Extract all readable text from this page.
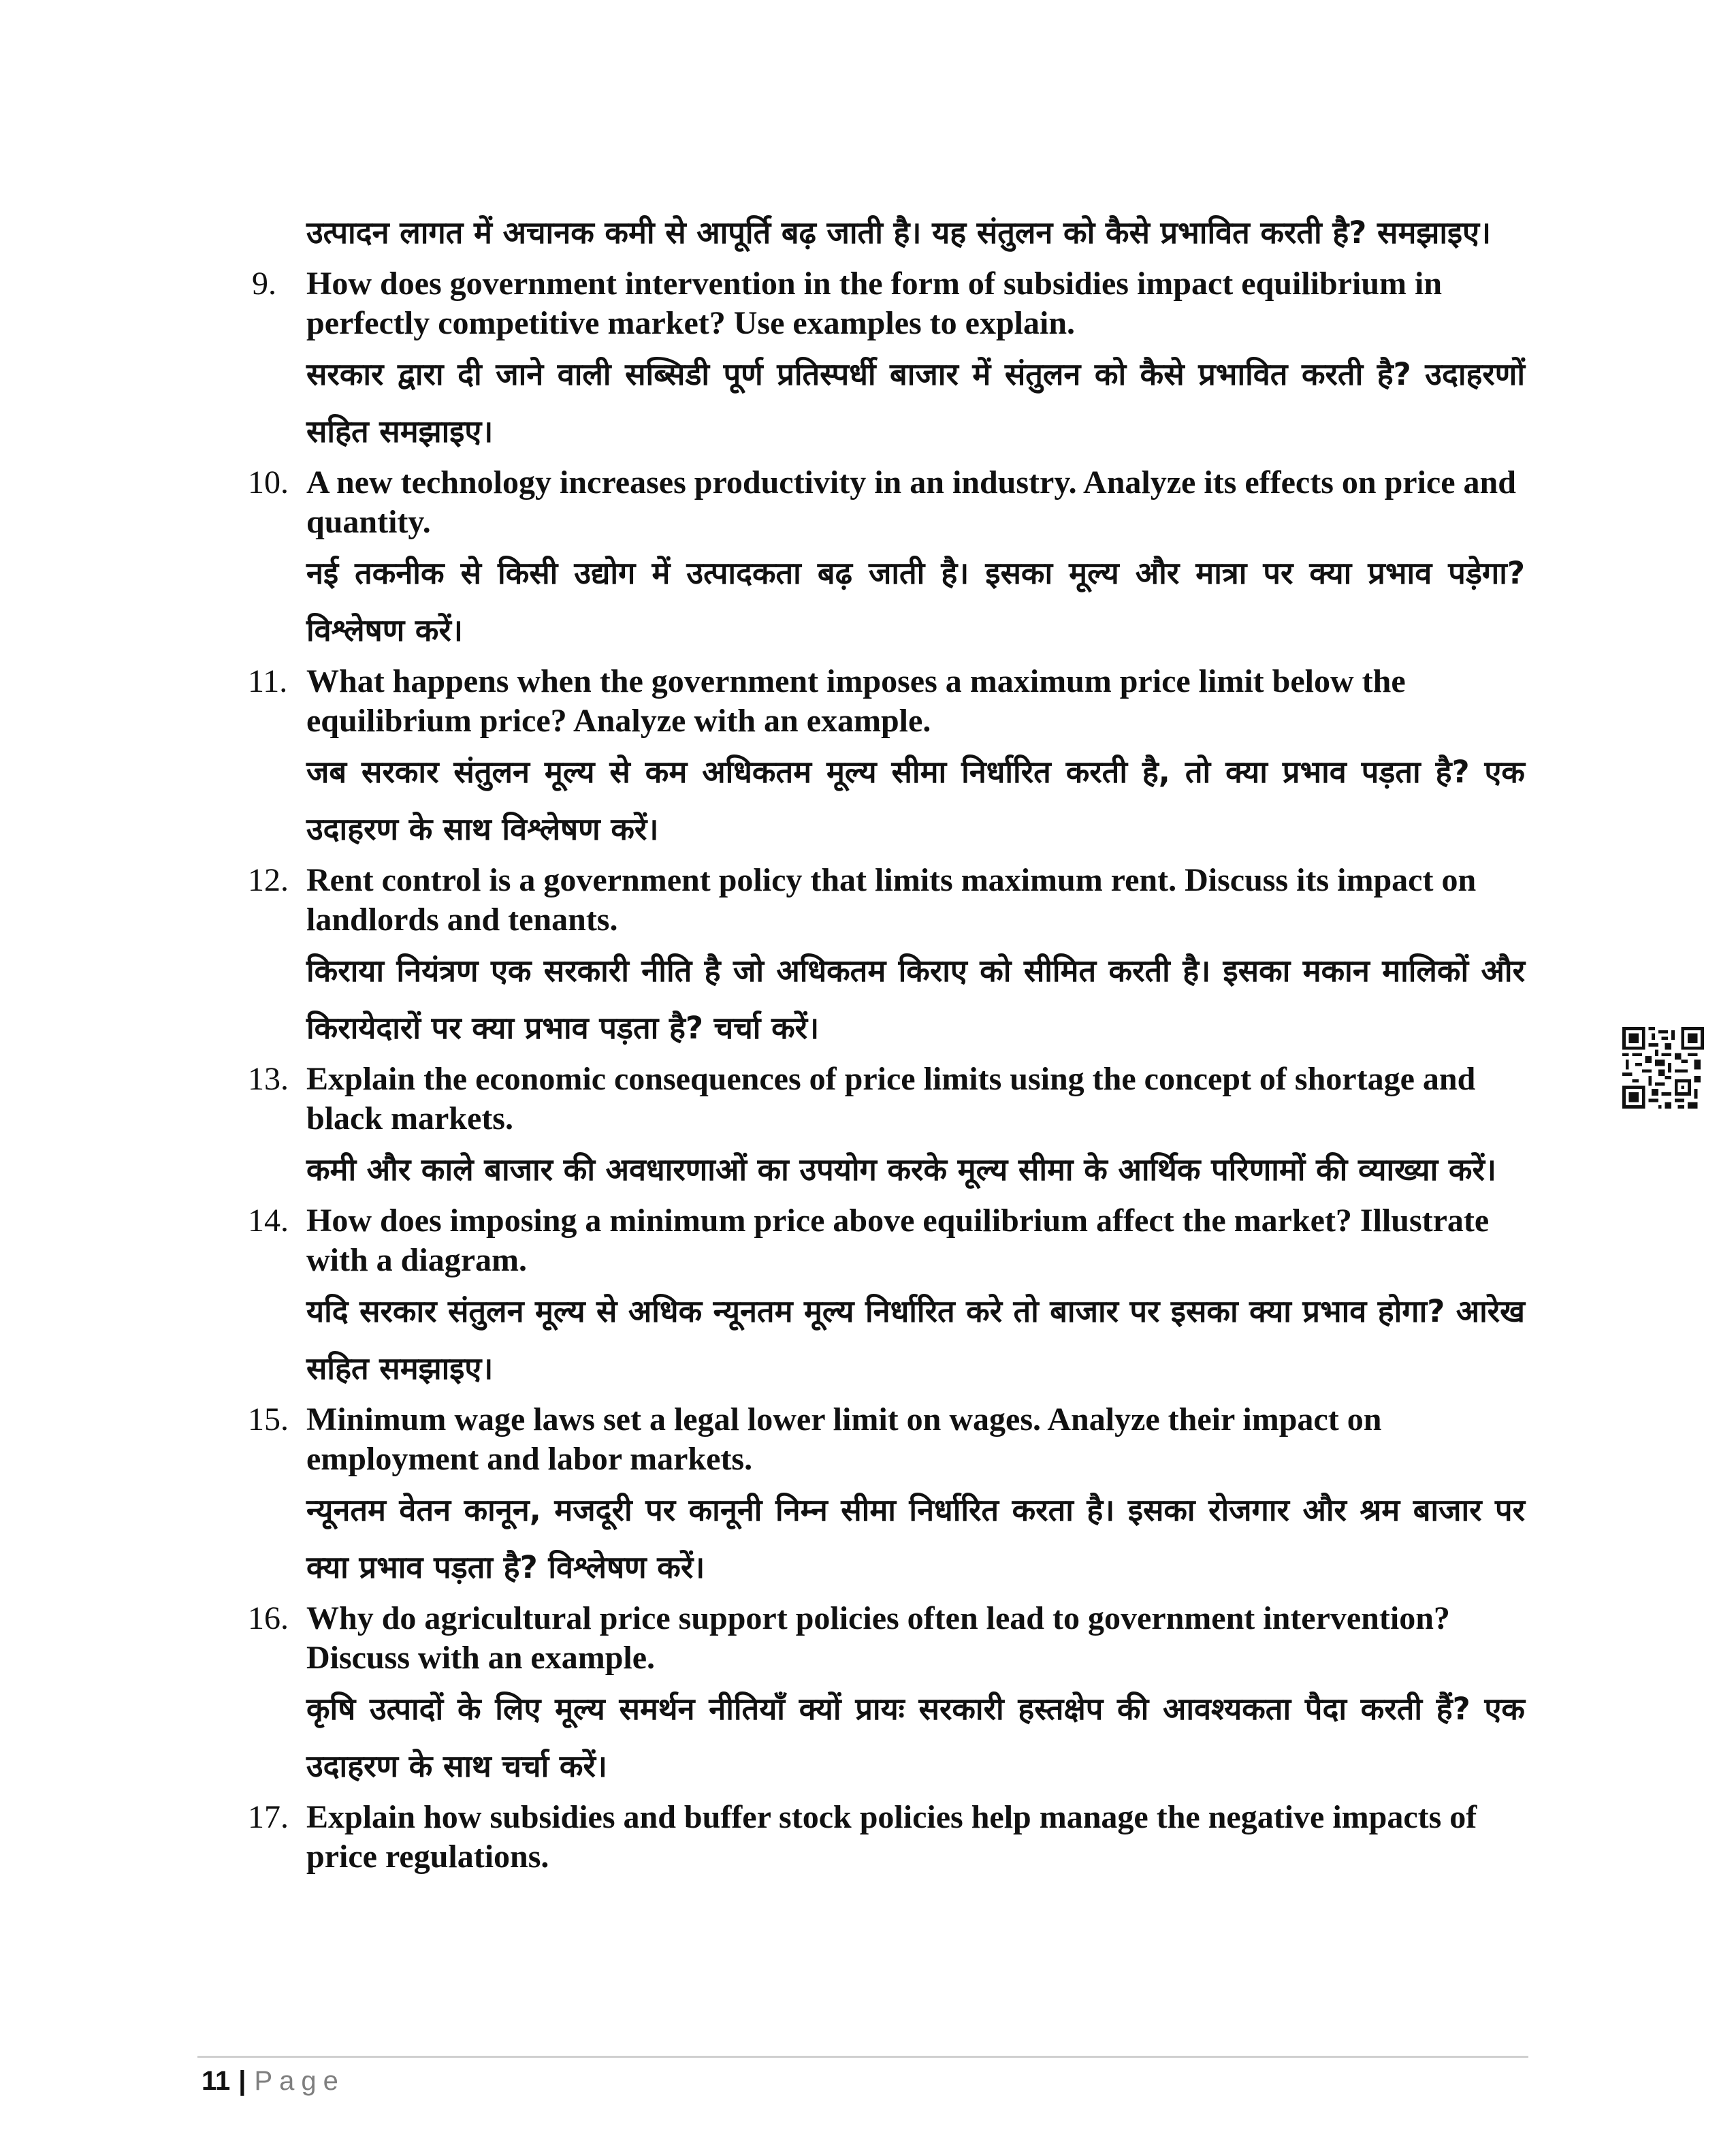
उत्पादन लागत में अचानक कमी से आपूर्ति बढ़ जाती है। यह संतुलन को कैसे प्रभावित करती है? समझाइए।
9. How does government intervention in the form of subsidies impact equilibrium in perfectly competitive market? Use examples to explain.
सरकार द्वारा दी जाने वाली सब्सिडी पूर्ण प्रतिस्पर्धी बाजार में संतुलन को कैसे प्रभावित करती है? उदाहरणों सहित समझाइए।
10. A new technology increases productivity in an industry. Analyze its effects on price and quantity.
नई तकनीक से किसी उद्योग में उत्पादकता बढ़ जाती है। इसका मूल्य और मात्रा पर क्या प्रभाव पड़ेगा? विश्लेषण करें।
11. What happens when the government imposes a maximum price limit below the equilibrium price? Analyze with an example.
जब सरकार संतुलन मूल्य से कम अधिकतम मूल्य सीमा निर्धारित करती है, तो क्या प्रभाव पड़ता है? एक उदाहरण के साथ विश्लेषण करें।
12. Rent control is a government policy that limits maximum rent. Discuss its impact on landlords and tenants.
किराया नियंत्रण एक सरकारी नीति है जो अधिकतम किराए को सीमित करती है। इसका मकान मालिकों और किरायेदारों पर क्या प्रभाव पड़ता है? चर्चा करें।
13. Explain the economic consequences of price limits using the concept of shortage and black markets.
कमी और काले बाजार की अवधारणाओं का उपयोग करके मूल्य सीमा के आर्थिक परिणामों की व्याख्या करें।
14. How does imposing a minimum price above equilibrium affect the market? Illustrate with a diagram.
यदि सरकार संतुलन मूल्य से अधिक न्यूनतम मूल्य निर्धारित करे तो बाजार पर इसका क्या प्रभाव होगा? आरेख सहित समझाइए।
15. Minimum wage laws set a legal lower limit on wages. Analyze their impact on employment and labor markets.
न्यूनतम वेतन कानून, मजदूरी पर कानूनी निम्न सीमा निर्धारित करता है। इसका रोजगार और श्रम बाजार पर क्या प्रभाव पड़ता है? विश्लेषण करें।
16. Why do agricultural price support policies often lead to government intervention? Discuss with an example.
कृषि उत्पादों के लिए मूल्य समर्थन नीतियाँ क्यों प्रायः सरकारी हस्तक्षेप की आवश्यकता पैदा करती हैं? एक उदाहरण के साथ चर्चा करें।
17. Explain how subsidies and buffer stock policies help manage the negative impacts of price regulations.
11 | Page
